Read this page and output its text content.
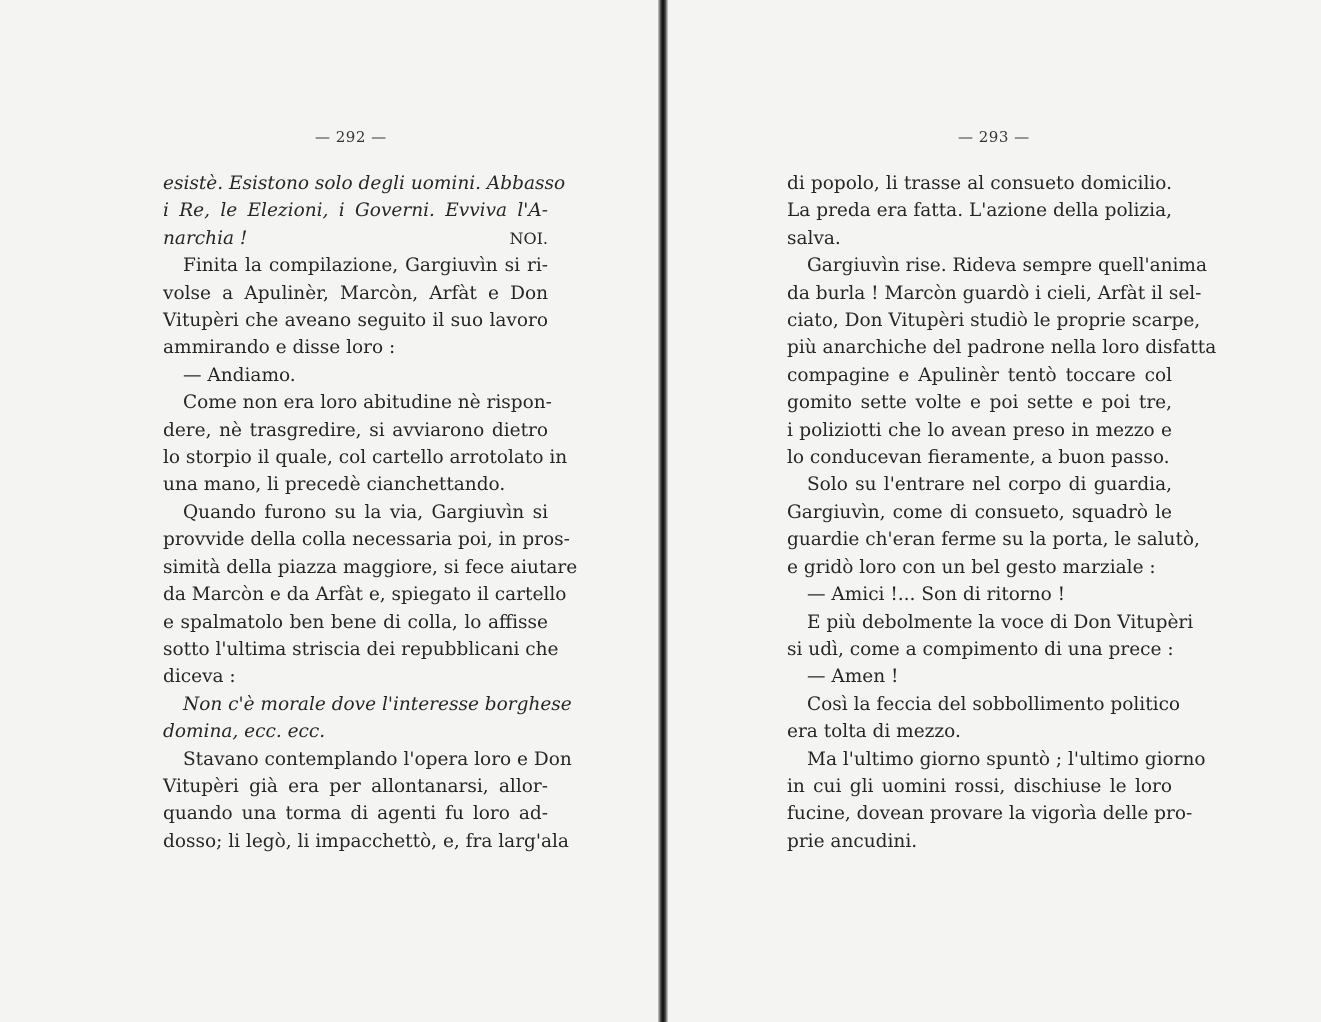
— 292 —
esistè. Esistono solo degli uomini. Abbasso
i Re, le Elezioni, i Governi. Evviva l'A-
narchia !	NOI.
Finita la compilazione, Gargiuvìn si ri-
volse a Apulinèr, Marcòn, Arfàt e Don
Vitupèri che aveano seguito il suo lavoro
ammirando e disse loro :
— Andiamo.
Come non era loro abitudine nè rispon-
dere, nè trasgredire, si avviarono dietro
lo storpio il quale, col cartello arrotolato in
una mano, li precedè cianchettando.
Quando furono su la via, Gargiuvìn si
provvide della colla necessaria poi, in pros-
simità della piazza maggiore, si fece aiutare
da Marcòn e da Arfàt e, spiegato il cartello
e spalmatolo ben bene di colla, lo affisse
sotto l'ultima striscia dei repubblicani che
diceva :
Non c'è morale dove l'interesse borghese
domina, ecc. ecc.
Stavano contemplando l'opera loro e Don
Vitupèri già era per allontanarsi, allor-
quando una torma di agenti fu loro ad-
dosso; li legò, li impacchettò, e, fra larg'ala
— 293 —
di popolo, li trasse al consueto domicilio.
La preda era fatta. L'azione della polizia,
salva.
Gargiuvìn rise. Rideva sempre quell'anima
da burla ! Marcòn guardò i cieli, Arfàt il sel-
ciato, Don Vitupèri studiò le proprie scarpe,
più anarchiche del padrone nella loro disfatta
compagine e Apulinèr tentò toccare col
gomito sette volte e poi sette e poi tre,
i poliziotti che lo avean preso in mezzo e
lo conducevan fieramente, a buon passo.
Solo su l'entrare nel corpo di guardia,
Gargiuvìn, come di consueto, squadrò le
guardie ch'eran ferme su la porta, le salutò,
e gridò loro con un bel gesto marziale :
— Amici !... Son di ritorno !
E più debolmente la voce di Don Vitupèri
si udì, come a compimento di una prece :
— Amen !
Così la feccia del sobbollimento politico
era tolta di mezzo.
Ma l'ultimo giorno spuntò ; l'ultimo giorno
in cui gli uomini rossi, dischiuse le loro
fucine, dovean provare la vigorìa delle pro-
prie ancudini.
